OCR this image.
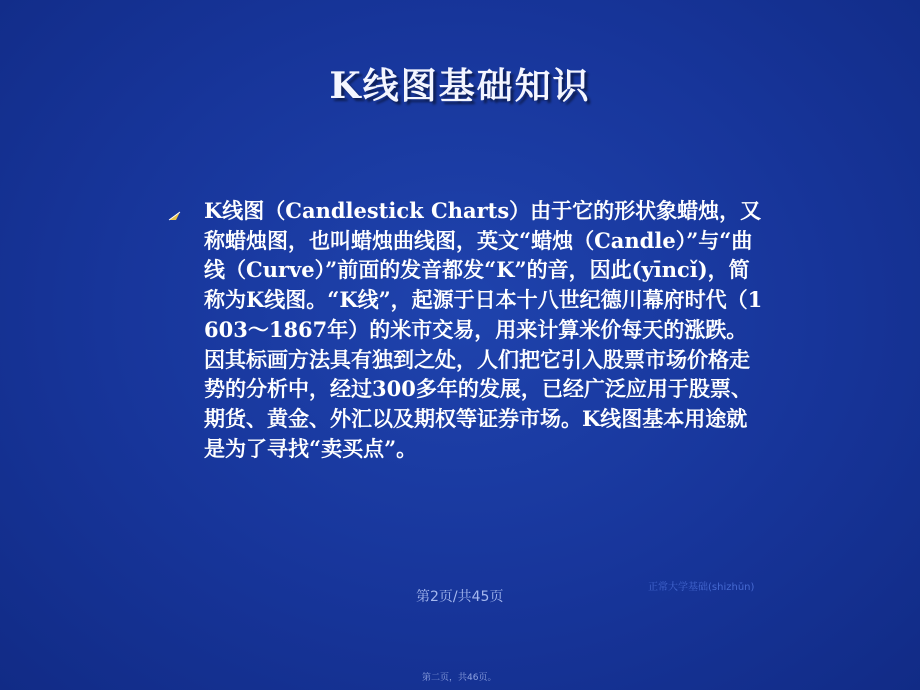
K线图基础知识

K线图（Candlestick Charts）由于它的形状象蜡烛，又称蜡烛图，也叫蜡烛曲线图，英文“蜡烛（Candle）”与“曲线（Curve）”前面的发音都发“K”的音，因此(yīncǐ)，简称为K线图。“K线”，起源于日本十八世纪德川幕府时代（1603～1867年）的米市交易，用来计算米价每天的涨跌。因其标画方法具有独到之处，人们把它引入股票市场价格走势的分析中，经过300多年的发展，已经广泛应用于股票、期货、黄金、外汇以及期权等证券市场。K线图基本用途就是为了寻找“卖买点”。

正常大学基础(shizhǔn)
第2页/共45页
第二页，共46页。
